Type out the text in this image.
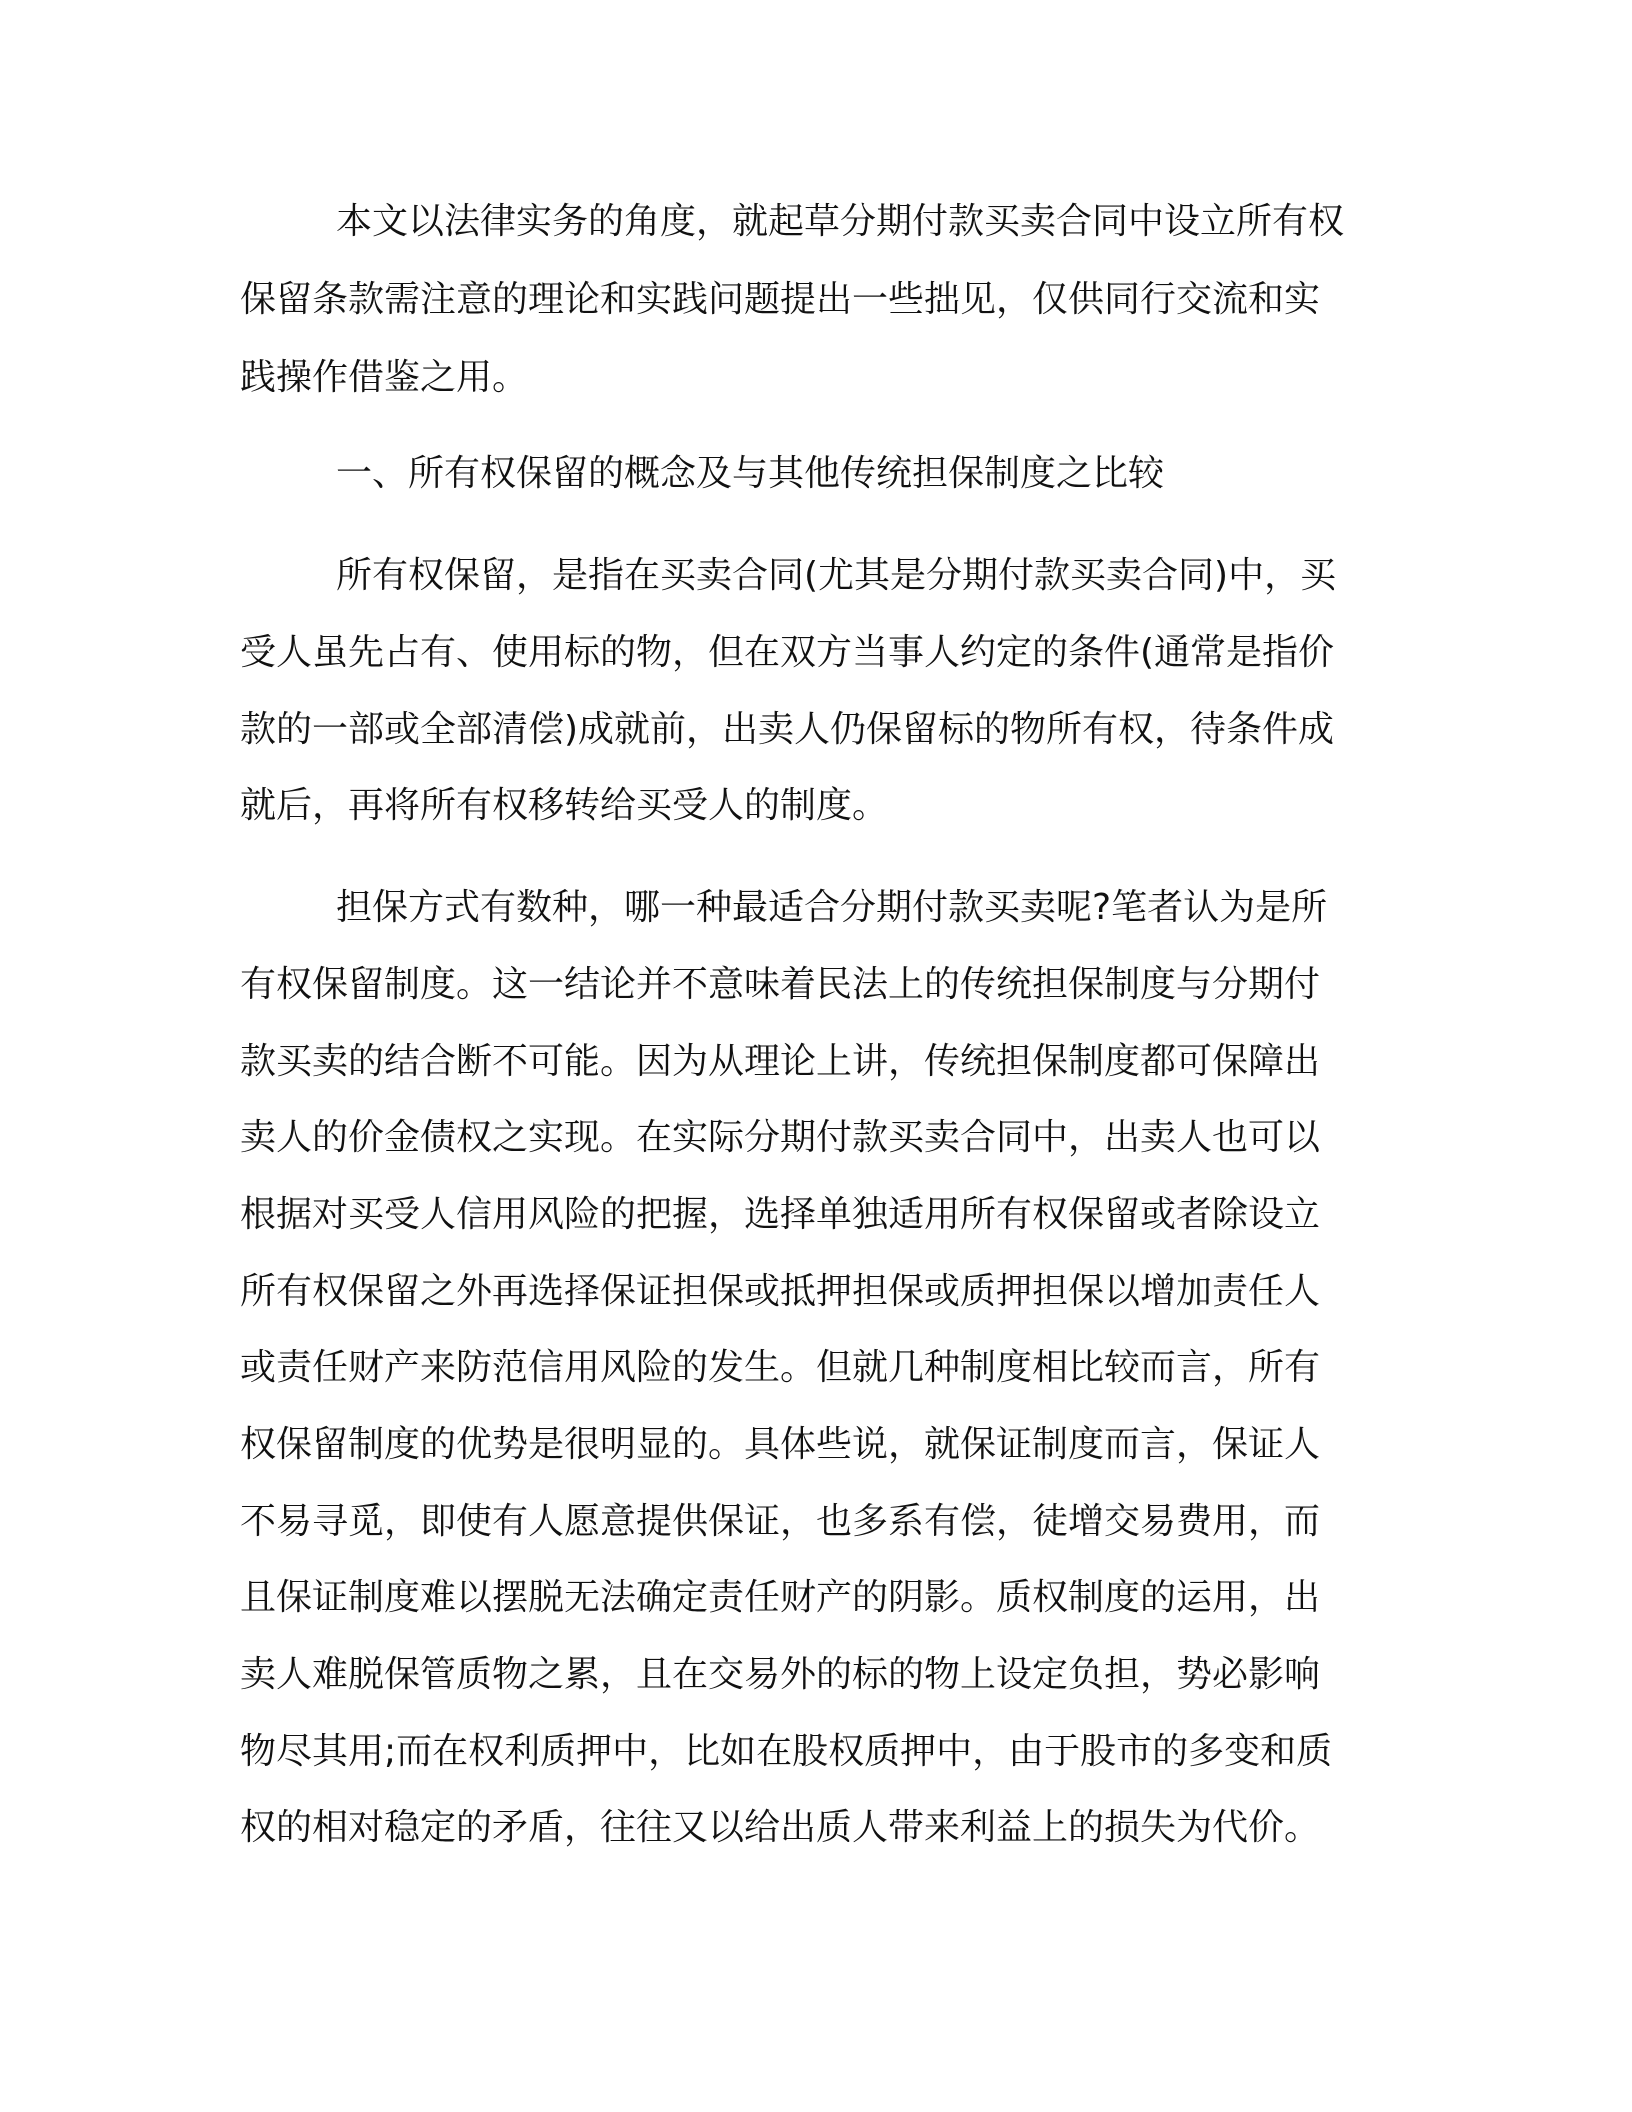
本文以法律实务的角度，就起草分期付款买卖合同中设立所有权
保留条款需注意的理论和实践问题提出一些拙见，仅供同行交流和实
践操作借鉴之用。
一、所有权保留的概念及与其他传统担保制度之比较
所有权保留，是指在买卖合同(尤其是分期付款买卖合同)中，买
受人虽先占有、使用标的物，但在双方当事人约定的条件(通常是指价
款的一部或全部清偿)成就前，出卖人仍保留标的物所有权，待条件成
就后，再将所有权移转给买受人的制度。
担保方式有数种，哪一种最适合分期付款买卖呢?笔者认为是所
有权保留制度。这一结论并不意味着民法上的传统担保制度与分期付
款买卖的结合断不可能。因为从理论上讲，传统担保制度都可保障出
卖人的价金债权之实现。在实际分期付款买卖合同中，出卖人也可以
根据对买受人信用风险的把握，选择单独适用所有权保留或者除设立
所有权保留之外再选择保证担保或抵押担保或质押担保以增加责任人
或责任财产来防范信用风险的发生。但就几种制度相比较而言，所有
权保留制度的优势是很明显的。具体些说，就保证制度而言，保证人
不易寻觅，即使有人愿意提供保证，也多系有偿，徒增交易费用，而
且保证制度难以摆脱无法确定责任财产的阴影。质权制度的运用，出
卖人难脱保管质物之累，且在交易外的标的物上设定负担，势必影响
物尽其用;而在权利质押中，比如在股权质押中，由于股市的多变和质
权的相对稳定的矛盾，往往又以给出质人带来利益上的损失为代价。
